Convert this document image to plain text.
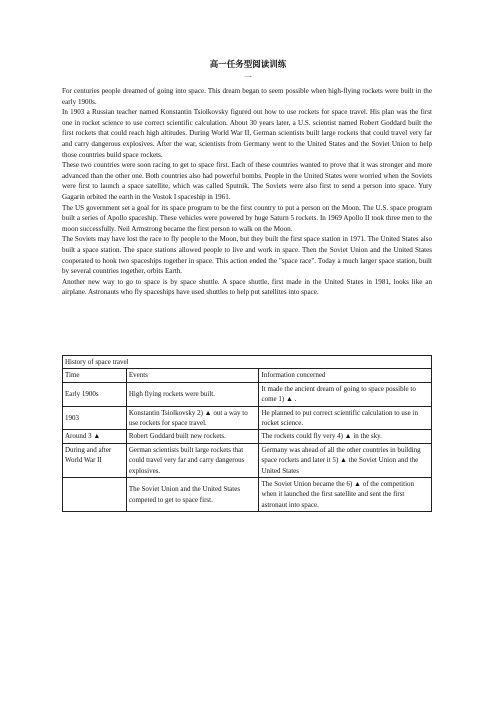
高一任务型阅读训练
一

For centuries people dreamed of going into space. This dream began to seem possible when high-flying rockets were built in the early 1900s.

In 1903 a Russian teacher named Konstantin Tsiolkovsky figured out how to use rockets for space travel. His plan was the first one in rocket science to use correct scientific calculation. About 30 years later, a U.S. scientist named Robert Goddard built the first rockets that could reach high altitudes. During World War II, German scientists built large rockets that could travel very far and carry dangerous explosives. After the war, scientists from Germany went to the United States and the Soviet Union to help those countries build space rockets.

These two countries were soon racing to get to space first. Each of these countries wanted to prove that it was stronger and more advanced than the other one. Both countries also had powerful bombs. People in the United States were worried when the Soviets were first to launch a space satellite, which was called Sputnik. The Soviets were also first to send a person into space. Yury Gagarin orbited the earth in the Vostok I spaceship in 1961.

The US government set a goal for its space program to be the first country to put a person on the Moon. The U.S. space program built a series of Apollo spaceship. These vehicles were powered by huge Saturn 5 rockets. In 1969 Apollo II took three men to the moon successfully. Neil Armstrong became the first person to walk on the Moon.

The Soviets may have lost the race to fly people to the Moon, but they built the first space station in 1971. The United States also built a space station. The space stations allowed people to live and work in space. Then the Soviet Union and the United States cooperated to hook two spaceships together in space. This action ended the "space race". Today a much larger space station, built by several countries together, orbits Earth.

Another new way to go to space is by space shuttle. A space shuttle, first made in the United States in 1981, looks like an airplane. Astronauts who fly spaceships have used shuttles to help put satellites into space.

History of space travel		
Time	Events	Information concerned
Early 1900s	High flying rockets were built.	It made the ancient dream of going to space possible to come 1) ▲ .
1903	Konstantin Tsiolkovsky 2) ▲ out a way to use rockets for space travel.	He planned to put correct scientific calculation to use in rocket science.
Around 3 ▲	Robert Goddard built new rockets.	The rockets could fly very 4) ▲ in the sky.
During and after World War II	German scientists built large rockets that could travel very far and carry dangerous explosives.	Germany was ahead of all the other countries in building space rockets and later it 5) ▲ the Soviet Union and the United States
	The Soviet Union and the United States competed to get to space first.	The Soviet Union became the 6) ▲ of the competition when it launched the first satellite and sent the first astronaut into space.
